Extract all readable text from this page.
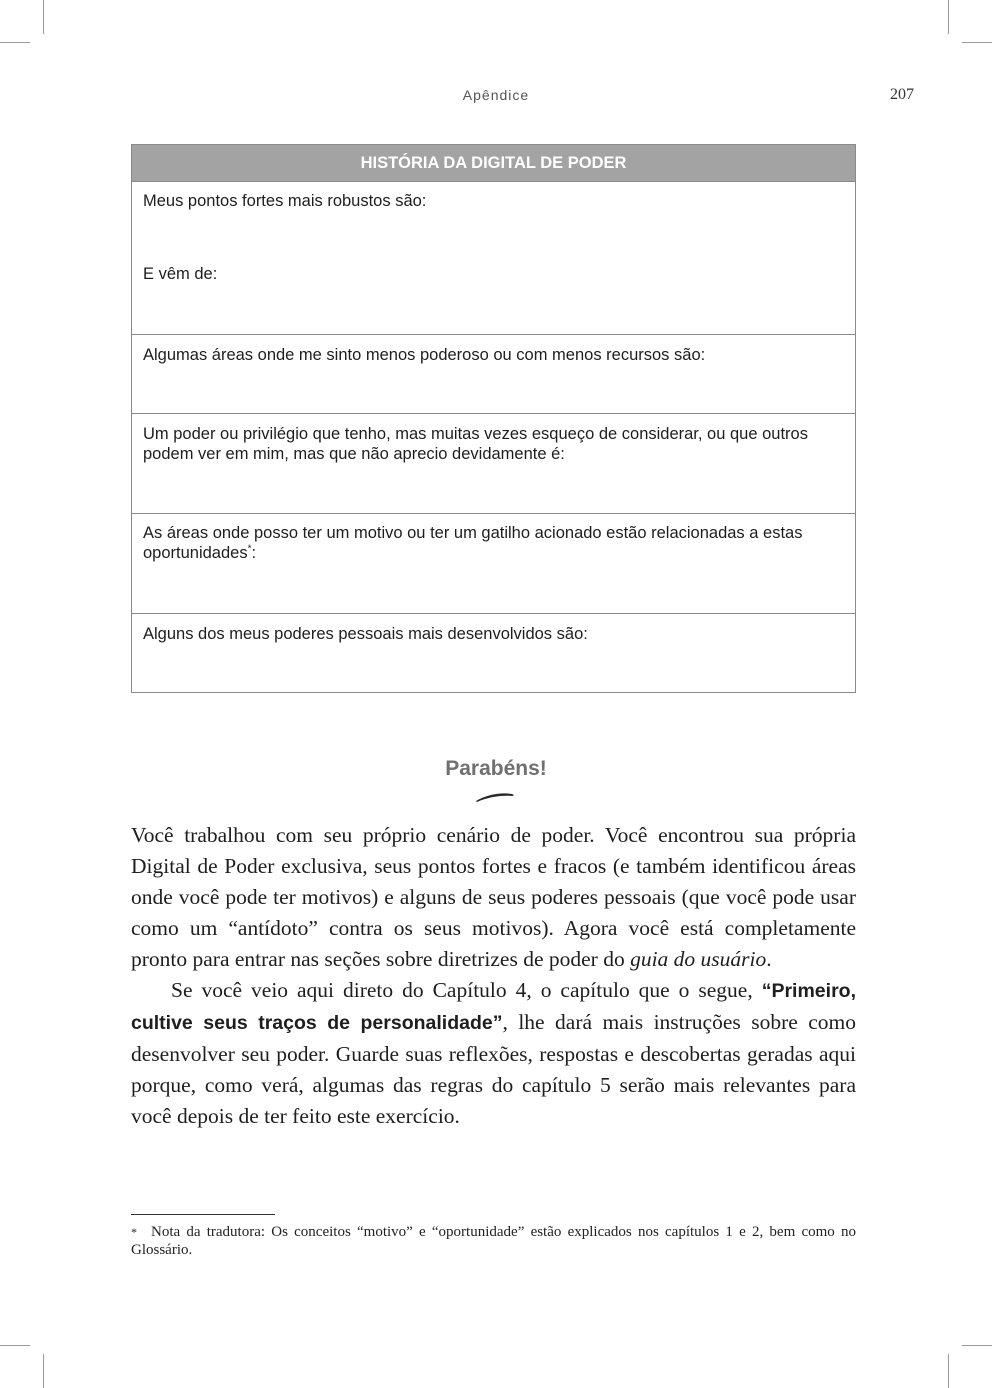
Apêndice	207
HISTÓRIA DA DIGITAL DE PODER

Meus pontos fortes mais robustos são:

E vêm de:

Algumas áreas onde me sinto menos poderoso ou com menos recursos são:

Um poder ou privilégio que tenho, mas muitas vezes esqueço de considerar, ou que outros podem ver em mim, mas que não aprecio devidamente é:

As áreas onde posso ter um motivo ou ter um gatilho acionado estão relacionadas a estas oportunidades*:

Alguns dos meus poderes pessoais mais desenvolvidos são:

Parabéns!

Você trabalhou com seu próprio cenário de poder. Você encontrou sua própria Digital de Poder exclusiva, seus pontos fortes e fracos (e também identificou áreas onde você pode ter motivos) e alguns de seus poderes pessoais (que você pode usar como um “antídoto” contra os seus motivos). Agora você está completamente pronto para entrar nas seções sobre diretrizes de poder do guia do usuário.

Se você veio aqui direto do Capítulo 4, o capítulo que o segue, “Primeiro, cultive seus traços de personalidade”, lhe dará mais instruções sobre como desenvolver seu poder. Guarde suas reflexões, respostas e descobertas geradas aqui porque, como verá, algumas das regras do capítulo 5 serão mais relevantes para você depois de ter feito este exercício.

* Nota da tradutora: Os conceitos “motivo” e “oportunidade” estão explicados nos capítulos 1 e 2, bem como no Glossário.
